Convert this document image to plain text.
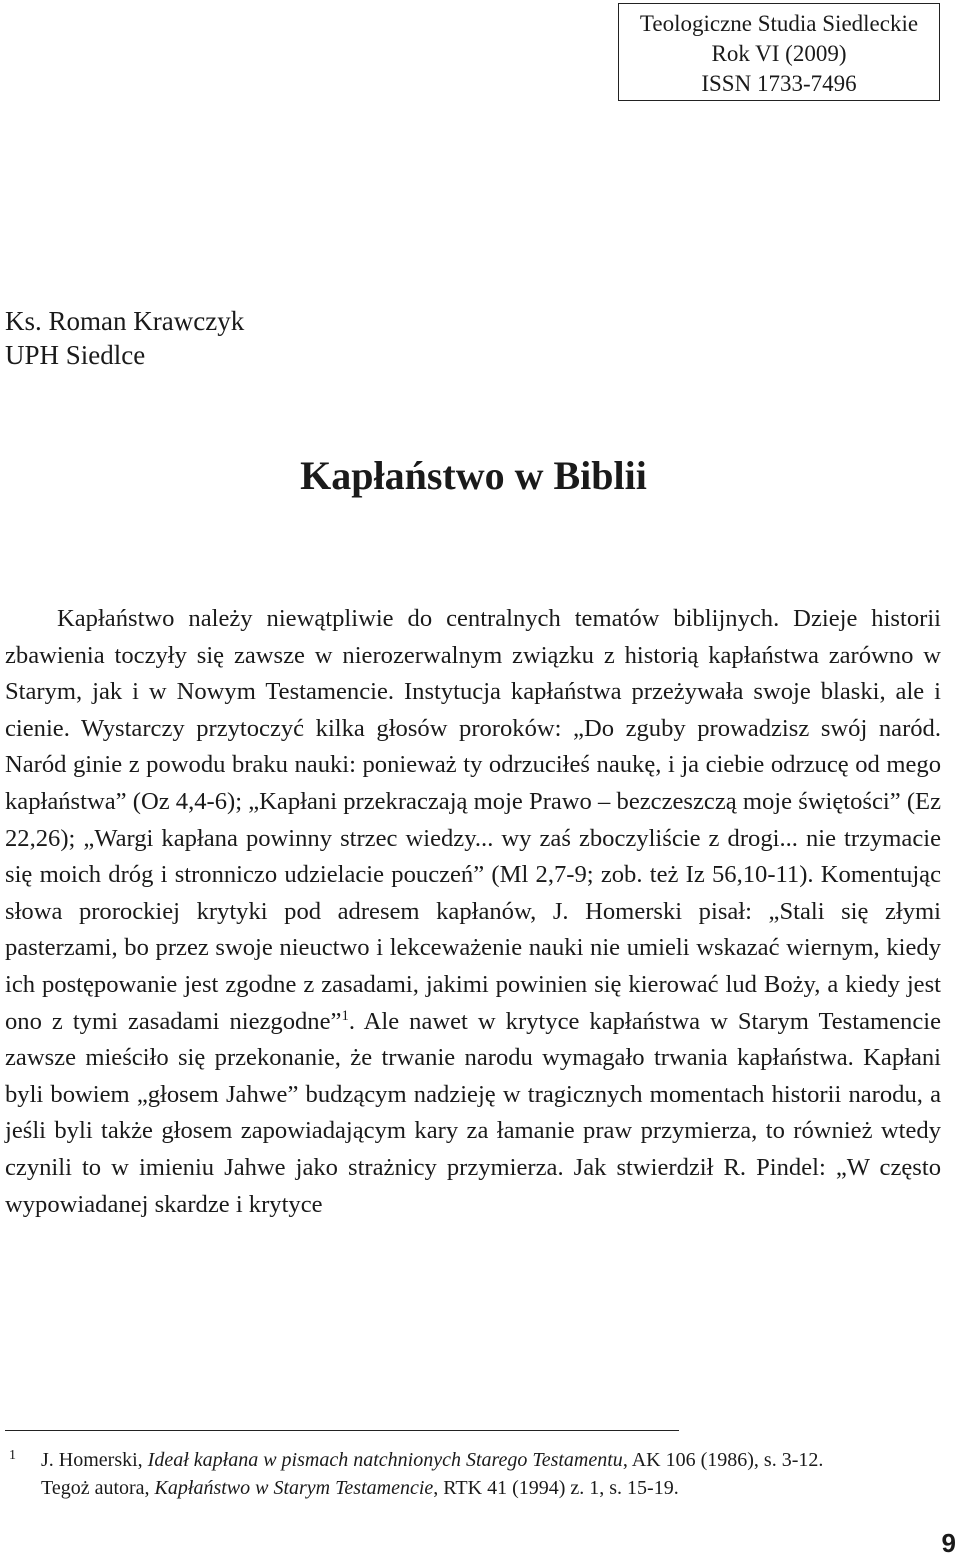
Teologiczne Studia Siedleckie
Rok VI (2009)
ISSN 1733-7496
Ks. Roman Krawczyk
UPH Siedlce
Kapłaństwo w Biblii

Kapłaństwo należy niewątpliwie do centralnych tematów biblijnych. Dzieje historii zbawienia toczyły się zawsze w nierozerwalnym związku z historią kapłaństwa zarówno w Starym, jak i w Nowym Testamencie. Instytucja kapłaństwa przeżywała swoje blaski, ale i cienie. Wystarczy przytoczyć kilka głosów proroków: „Do zguby prowadzisz swój naród. Naród ginie z powodu braku nauki: ponieważ ty odrzuciłeś naukę, i ja ciebie odrzucę od mego kapłaństwa” (Oz 4,4-6); „Kapłani przekraczają moje Prawo – bezczeszczą moje świętości” (Ez 22,26); „Wargi kapłana powinny strzec wiedzy... wy zaś zboczyliście z drogi... nie trzymacie się moich dróg i stronniczo udzielacie pouczeń” (Ml 2,7-9; zob. też Iz 56,10-11). Komentując słowa prorockiej krytyki pod adresem kapłanów, J. Homerski pisał: „Stali się złymi pasterzami, bo przez swoje nieuctwo i lekceważenie nauki nie umieli wskazać wiernym, kiedy ich postępowanie jest zgodne z zasadami, jakimi powinien się kierować lud Boży, a kiedy jest ono z tymi zasadami niezgodne”$^1$. Ale nawet w krytyce kapłaństwa w Starym Testamencie zawsze mieściło się przekonanie, że trwanie narodu wymagało trwania kapłaństwa. Kapłani byli bowiem „głosem Jahwe” budzącym nadzieję w tragicznych momentach historii narodu, a jeśli byli także głosem zapowiadającym kary za łamanie praw przymierza, to również wtedy czynili to w imieniu Jahwe jako strażnicy przymierza. Jak stwierdził R. Pindel: „W często wypowiadanej skardze i krytyce

1 J. Homerski, Ideał kapłana w pismach natchnionych Starego Testamentu, AK 106 (1986), s. 3-12.
Tegoż autora, Kapłaństwo w Starym Testamencie, RTK 41 (1994) z. 1, s. 15-19.
9
